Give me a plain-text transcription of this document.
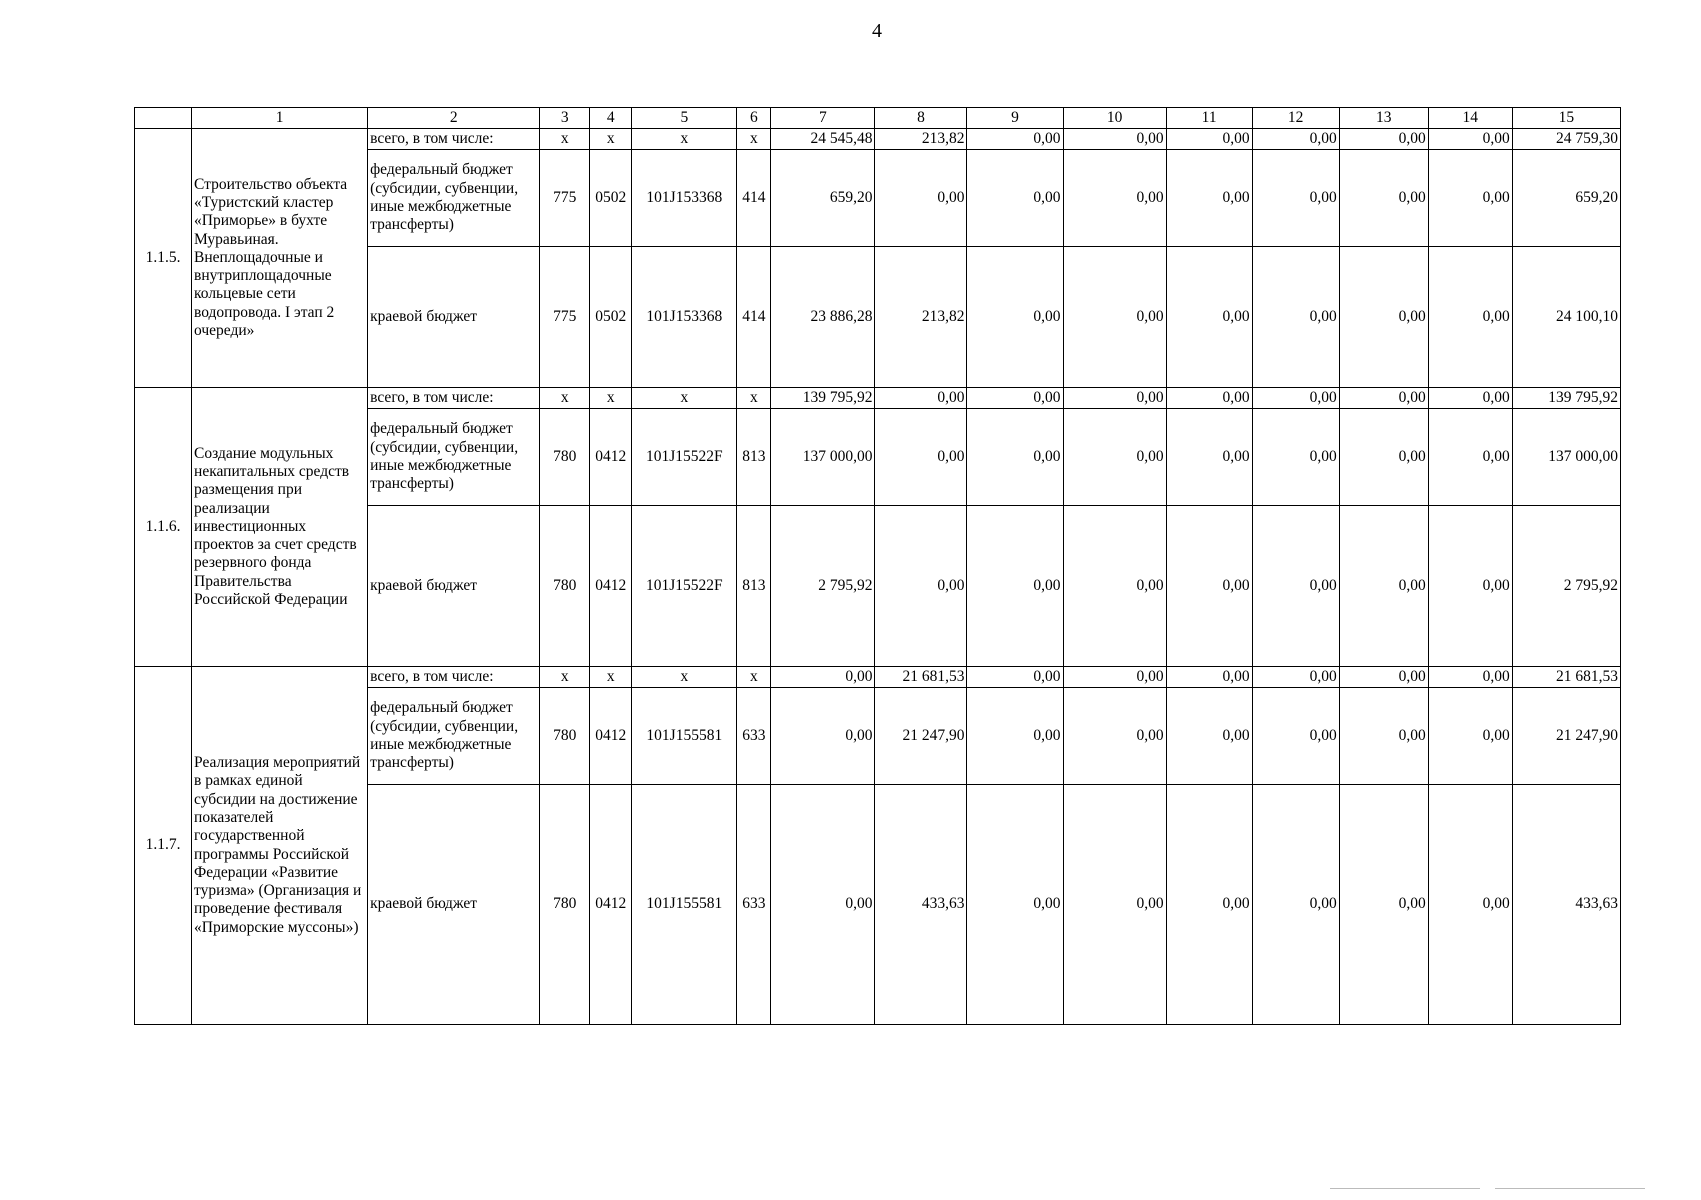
4
	1	2	3	4	5	6	7	8	9	10	11	12	13	14	15
1.1.5.	Строительство объекта «Туристский кластер «Приморье» в бухте Муравьиная. Внеплощадочные и внутриплощадочные кольцевые сети водопровода. I этап 2 очереди»	всего, в том числе:	х	х	х	х	24 545,48	213,82	0,00	0,00	0,00	0,00	0,00	0,00	24 759,30
		федеральный бюджет (субсидии, субвенции, иные межбюджетные трансферты)	775	0502	101J153368	414	659,20	0,00	0,00	0,00	0,00	0,00	0,00	0,00	659,20
		краевой бюджет	775	0502	101J153368	414	23 886,28	213,82	0,00	0,00	0,00	0,00	0,00	0,00	24 100,10
1.1.6.	Создание модульных некапитальных средств размещения при реализации инвестиционных проектов за счет средств резервного фонда Правительства Российской Федерации	всего, в том числе:	х	х	х	х	139 795,92	0,00	0,00	0,00	0,00	0,00	0,00	0,00	139 795,92
		федеральный бюджет (субсидии, субвенции, иные межбюджетные трансферты)	780	0412	101J15522F	813	137 000,00	0,00	0,00	0,00	0,00	0,00	0,00	0,00	137 000,00
		краевой бюджет	780	0412	101J15522F	813	2 795,92	0,00	0,00	0,00	0,00	0,00	0,00	0,00	2 795,92
1.1.7.	Реализация мероприятий в рамках единой субсидии на достижение показателей государственной программы Российской Федерации «Развитие туризма» (Организация и проведение фестиваля «Приморские муссоны»)	всего, в том числе:	х	х	х	х	0,00	21 681,53	0,00	0,00	0,00	0,00	0,00	0,00	21 681,53
		федеральный бюджет (субсидии, субвенции, иные межбюджетные трансферты)	780	0412	101J155581	633	0,00	21 247,90	0,00	0,00	0,00	0,00	0,00	0,00	21 247,90
		краевой бюджет	780	0412	101J155581	633	0,00	433,63	0,00	0,00	0,00	0,00	0,00	0,00	433,63
